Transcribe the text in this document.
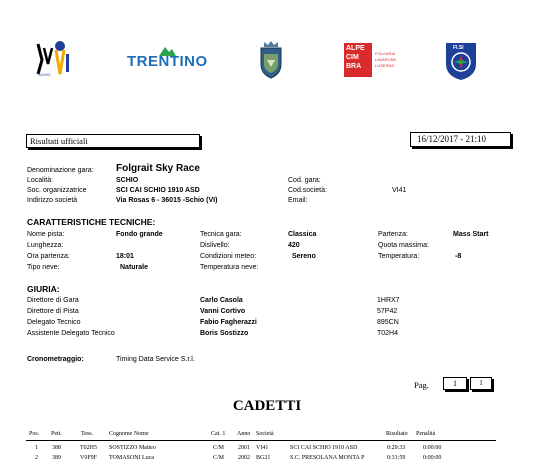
SCHIO
TRENTINO
ALPE
CIM
BRA
FOLGARIA
LAVARONE
LUSERNA
FI.SI
Risultati ufficiali	16/12/2017 - 21:10
Denominazione gara: Folgrait Sky Race
Località:	SCHIO	Cod. gara:
Soc. organizzatrice	SCI CAI SCHIO 1910 ASD	Cod.società:	VI41
Indirizzo società	Via Rosas 6 - 36015 -Schio (VI)	Email:
CARATTERISTICHE TECNICHE:
Nome pista:	Fondo grande	Tecnica gara:	Classica	Partenza:	Mass Start
Lunghezza:	Dislivello:	420	Quota massima:
Ora partenza:	18:01	Condizioni meteo:	Sereno	Temperatura:	-8
Tipo neve:	Naturale	Temperatura neve:
GIURIA:
Direttore di Gara	Carlo Casola	1HRX7
Direttore di Pista	Vanni Cortivo	57P42
Delegato Tecnico	Fabio Fagherazzi	895CN
Assistente Delegato Tecnico	Boris Sostizzo	T02H4
Cronometraggio:	Timing Data Service S.r.l.
Pag.	1	1
CADETTI
Pos. Pett.	Tess.	Cognome Nome	Cat. 1 Anno Società	Risultato Penalità
1 388	T02H5 SOSTIZZO Matteo	C/M 2001 VI41	SCI CAI SCHIO 1910 ASD	0:29:33	0:00:00
2 389	V0F9F TOMASONI Luca	C/M 2002 BG21	S.C. PRESOLANA MONTA P	0:31:59	0:00:00
